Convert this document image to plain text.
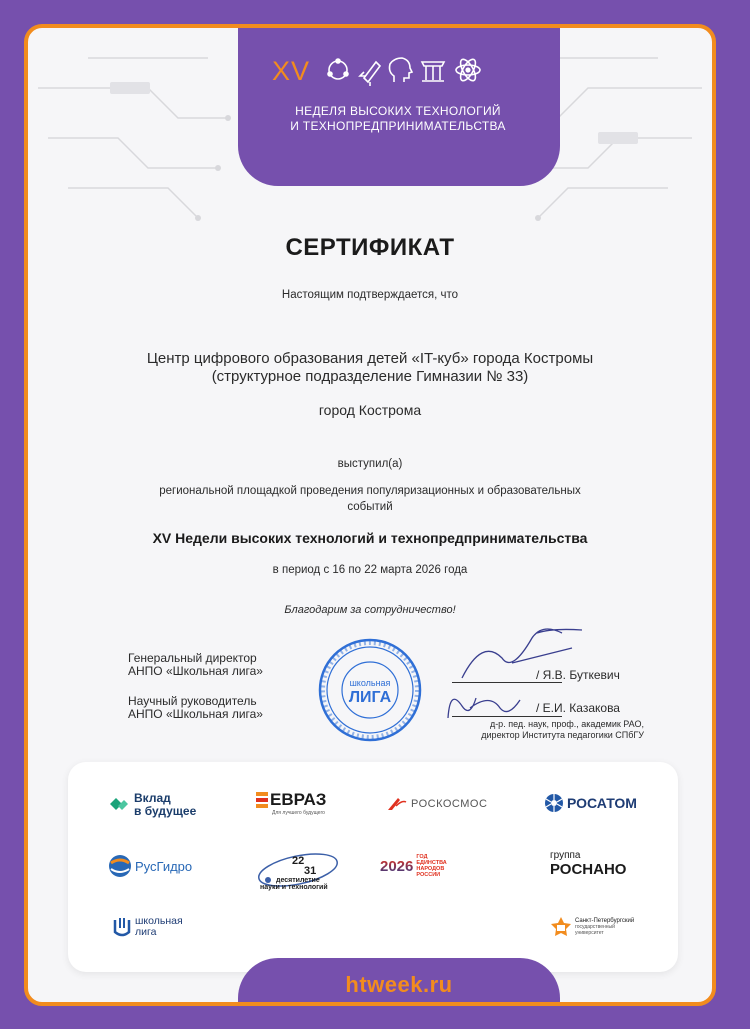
XV
НЕДЕЛЯ ВЫСОКИХ ТЕХНОЛОГИЙ
И ТЕХНОПРЕДПРИНИМАТЕЛЬСТВА
СЕРТИФИКАТ
Настоящим подтверждается, что
Центр цифрового образования детей «IT-куб» города Костромы
(структурное подразделение Гимназии № 33)
город Кострома
выступил(а)
региональной площадкой проведения популяризационных и образовательных
событий
XV Недели высоких технологий и технопредпринимательства
в период с 16 по 22 марта 2026 года
Благодарим за сотрудничество!
Генеральный директор
АНПО «Школьная лига»
Научный руководитель
АНПО «Школьная лига»
школьная
ЛИГА
/ Я.В. Буткевич
/ Е.И. Казакова
д-р. пед. наук, проф., академик РАО,
директор Института педагогики СПбГУ
Вклад
в будущее
ЕВРАЗ
Для лучшего будущего
РОСКОСМОС	РОСАТОМ
РусГидро	22
31
десятилетие
науки и технологий
2026
ГОД
ЕДИНСТВА
НАРОДОВ
РОССИИ
группа
РОСНАНО
школьная
лига
Санкт-Петербургский
государственный
университет
htweek.ru
